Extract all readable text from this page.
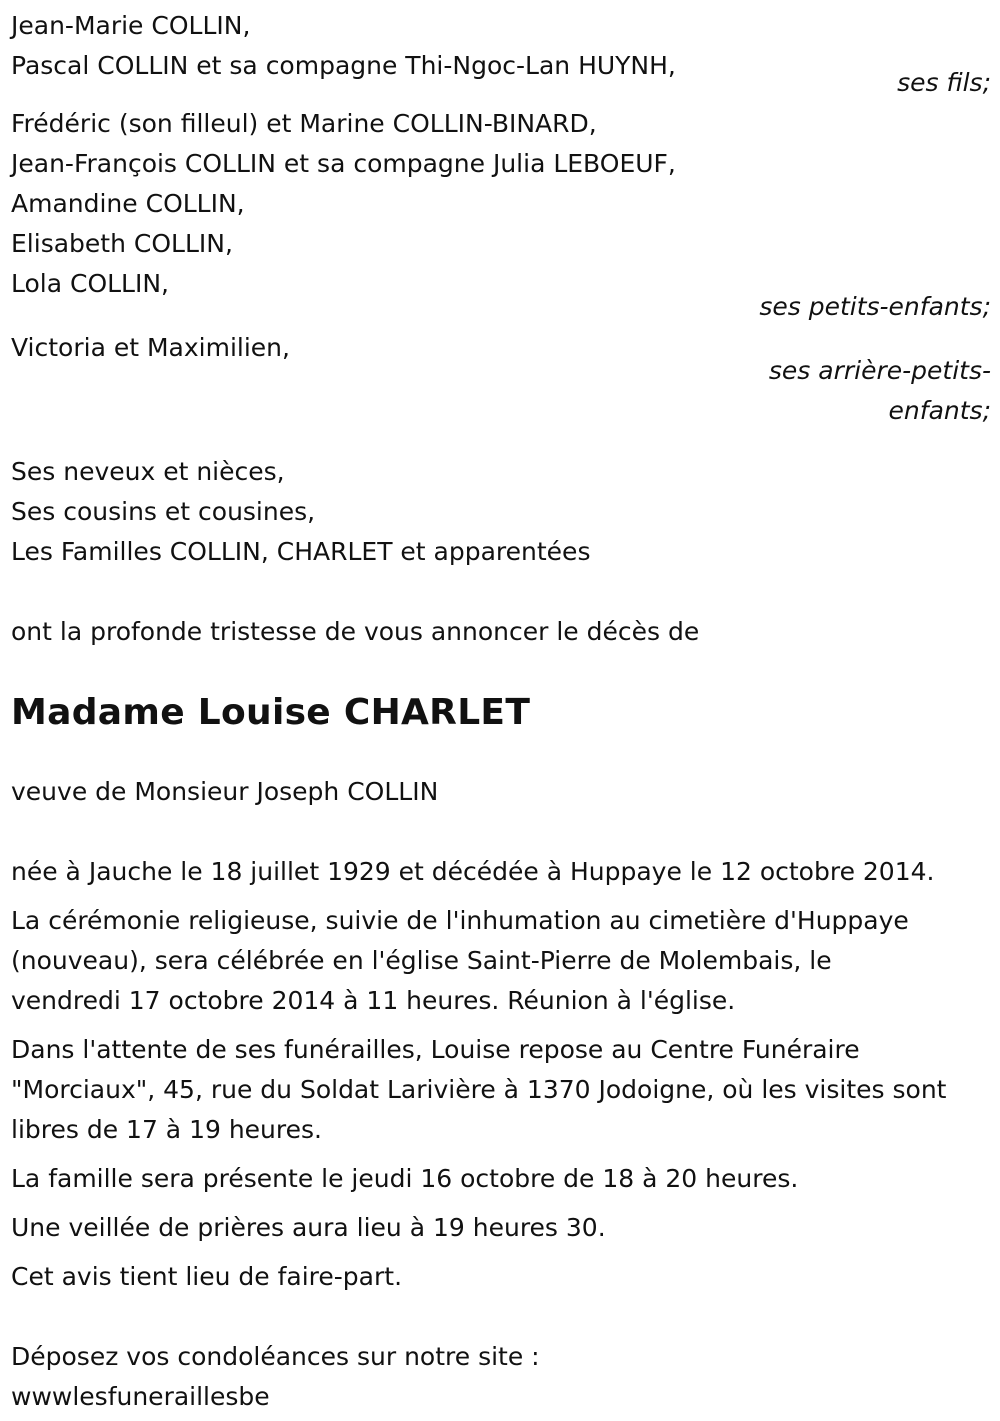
Jean-Marie COLLIN,
Pascal COLLIN et sa compagne Thi-Ngoc-Lan HUYNH,
ses fils;
Frédéric (son filleul) et Marine COLLIN-BINARD,
Jean-François COLLIN et sa compagne Julia LEBOEUF,
Amandine COLLIN,
Elisabeth COLLIN,
Lola COLLIN,
ses petits-enfants;
Victoria et Maximilien,
ses arrière-petits-
enfants;
Ses neveux et nièces,
Ses cousins et cousines,
Les Familles COLLIN, CHARLET et apparentées
ont la profonde tristesse de vous annoncer le décès de
Madame Louise CHARLET
veuve de Monsieur Joseph COLLIN
née à Jauche le 18 juillet 1929 et décédée à Huppaye le 12 octobre 2014.
La cérémonie religieuse, suivie de l'inhumation au cimetière d'Huppaye
(nouveau), sera célébrée en l'église Saint-Pierre de Molembais, le
vendredi 17 octobre 2014 à 11 heures. Réunion à l'église.
Dans l'attente de ses funérailles, Louise repose au Centre Funéraire
"Morciaux", 45, rue du Soldat Larivière à 1370 Jodoigne, où les visites sont
libres de 17 à 19 heures.
La famille sera présente le jeudi 16 octobre de 18 à 20 heures.
Une veillée de prières aura lieu à 19 heures 30.
Cet avis tient lieu de faire-part.
Déposez vos condoléances sur notre site :
wwwlesfuneraillesbe
